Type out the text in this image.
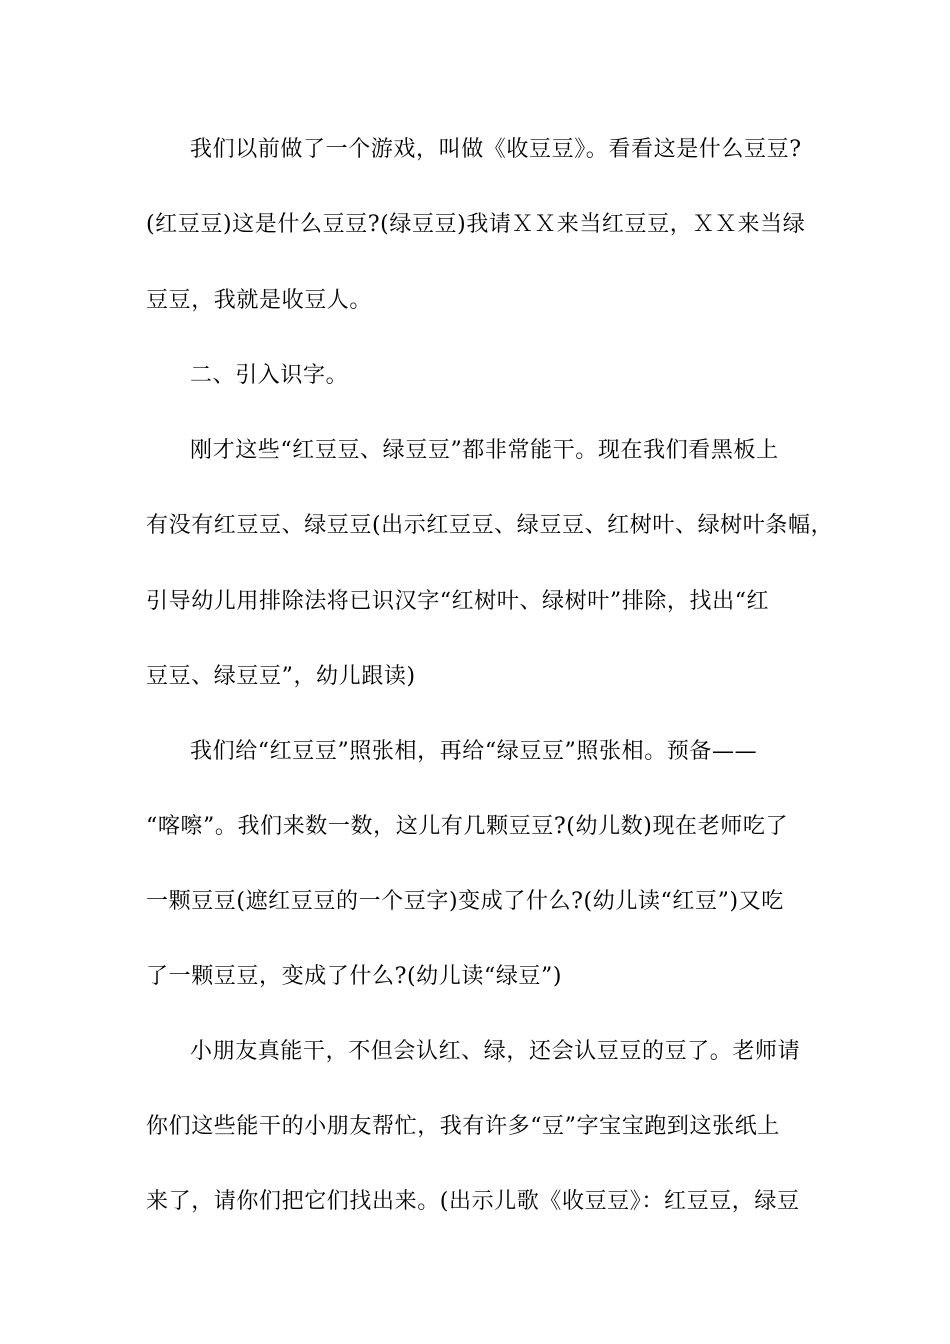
我们以前做了一个游戏，叫做《收豆豆》。看看这是什么豆豆?
(红豆豆)这是什么豆豆?(绿豆豆)我请ＸＸ来当红豆豆，ＸＸ来当绿
豆豆，我就是收豆人。
二、引入识字。
刚才这些“红豆豆、绿豆豆”都非常能干。现在我们看黑板上
有没有红豆豆、绿豆豆(出示红豆豆、绿豆豆、红树叶、绿树叶条幅，
引导幼儿用排除法将已识汉字“红树叶、绿树叶”排除，找出“红
豆豆、绿豆豆”，幼儿跟读)
我们给“红豆豆”照张相，再给“绿豆豆”照张相。预备——
“喀嚓”。我们来数一数，这儿有几颗豆豆?(幼儿数)现在老师吃了
一颗豆豆(遮红豆豆的一个豆字)变成了什么?(幼儿读“红豆”)又吃
了一颗豆豆，变成了什么?(幼儿读“绿豆”)
小朋友真能干，不但会认红、绿，还会认豆豆的豆了。老师请
你们这些能干的小朋友帮忙，我有许多“豆”字宝宝跑到这张纸上
来了，请你们把它们找出来。(出示儿歌《收豆豆》：红豆豆，绿豆
